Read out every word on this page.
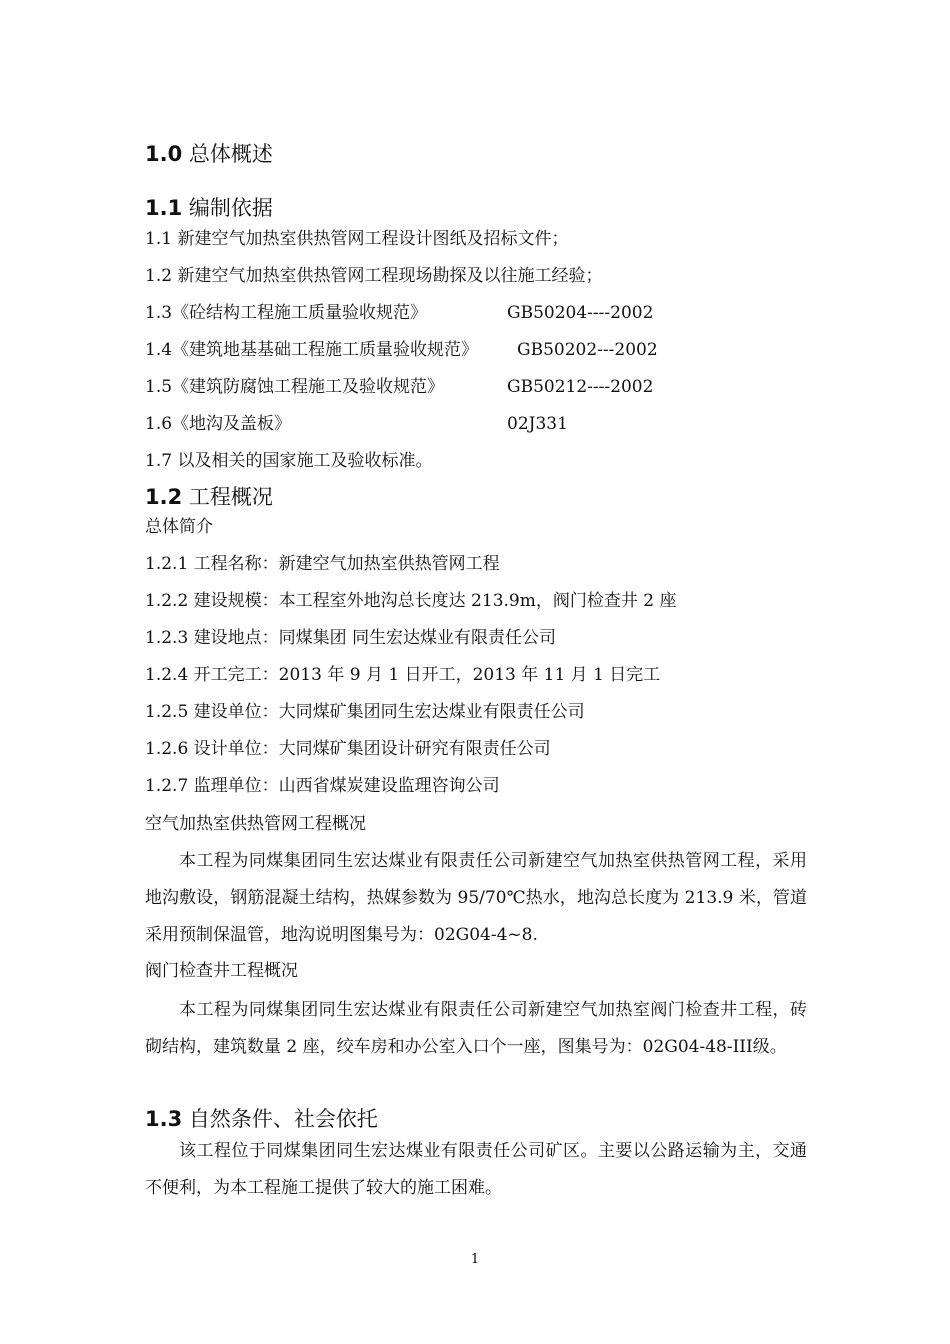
1.0 总体概述
1.1 编制依据
1.1 新建空气加热室供热管网工程设计图纸及招标文件；
1.2 新建空气加热室供热管网工程现场勘探及以往施工经验；
1.3《砼结构工程施工质量验收规范》	GB50204----2002
1.4《建筑地基基础工程施工质量验收规范》 GB50202---2002
1.5《建筑防腐蚀工程施工及验收规范》	GB50212----2002
1.6《地沟及盖板》	02J331
1.7 以及相关的国家施工及验收标准。
1.2 工程概况
总体简介
1.2.1 工程名称：新建空气加热室供热管网工程
1.2.2 建设规模：本工程室外地沟总长度达 213.9m，阀门检查井 2 座
1.2.3 建设地点：同煤集团 同生宏达煤业有限责任公司
1.2.4 开工完工：2013 年 9 月 1 日开工，2013 年 11 月 1 日完工
1.2.5 建设单位：大同煤矿集团同生宏达煤业有限责任公司
1.2.6 设计单位：大同煤矿集团设计研究有限责任公司
1.2.7 监理单位：山西省煤炭建设监理咨询公司
空气加热室供热管网工程概况
本工程为同煤集团同生宏达煤业有限责任公司新建空气加热室供热管网工程，采用地沟敷设，钢筋混凝土结构，热媒参数为 95/70℃热水，地沟总长度为 213.9 米，管道采用预制保温管，地沟说明图集号为：02G04-4~8.
阀门检查井工程概况
本工程为同煤集团同生宏达煤业有限责任公司新建空气加热室阀门检查井工程，砖砌结构，建筑数量 2 座，绞车房和办公室入口个一座，图集号为：02G04-48-III级。
1.3 自然条件、社会依托
该工程位于同煤集团同生宏达煤业有限责任公司矿区。主要以公路运输为主，交通不便利，为本工程施工提供了较大的施工困难。
1
